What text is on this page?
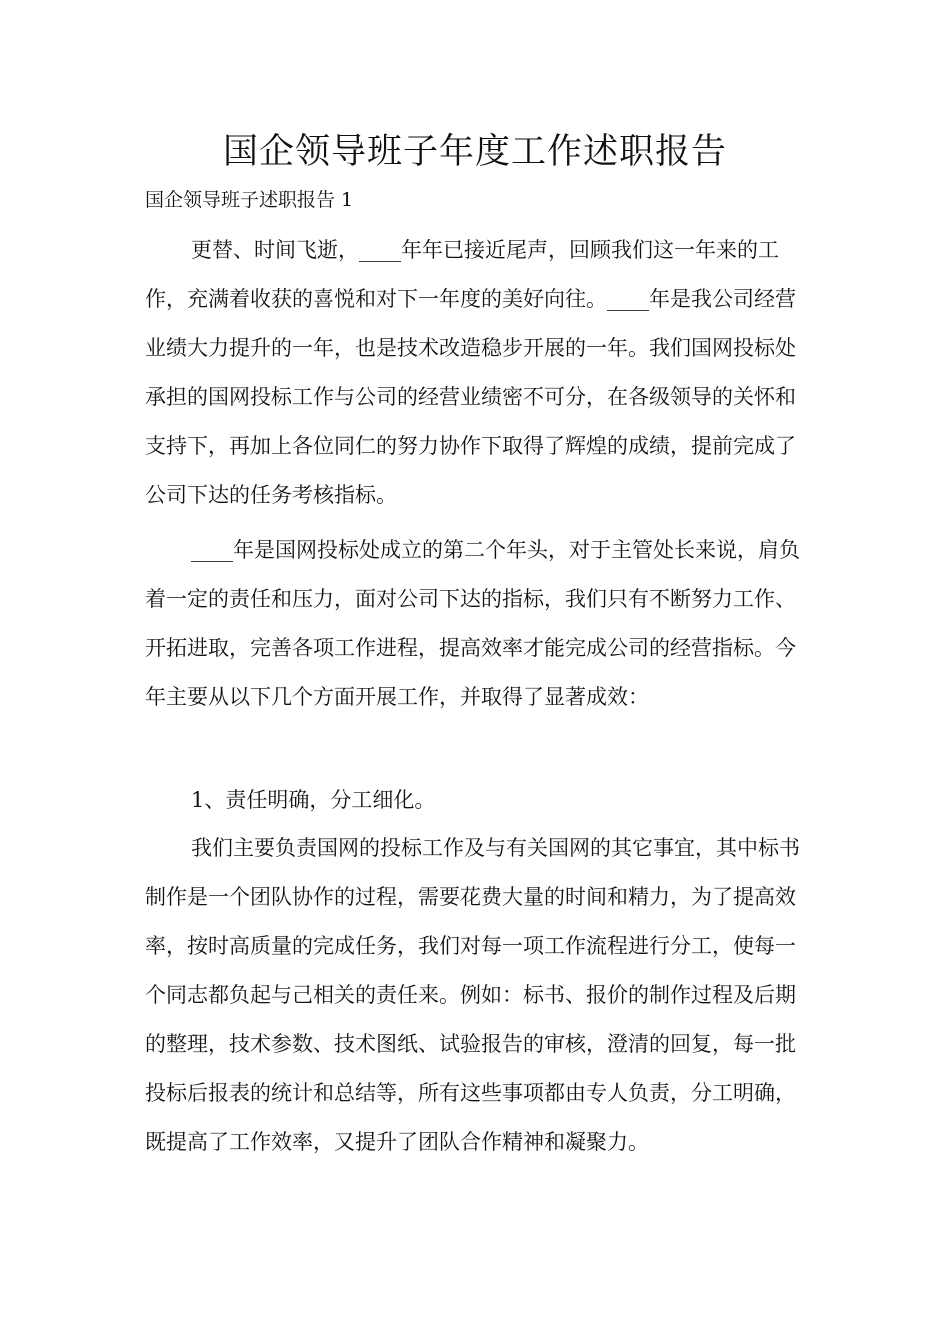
国企领导班子年度工作述职报告

国企领导班子述职报告 1

更替、时间飞逝，____年年已接近尾声，回顾我们这一年来的工作，充满着收获的喜悦和对下一年度的美好向往。____年是我公司经营业绩大力提升的一年，也是技术改造稳步开展的一年。我们国网投标处承担的国网投标工作与公司的经营业绩密不可分，在各级领导的关怀和支持下，再加上各位同仁的努力协作下取得了辉煌的成绩，提前完成了公司下达的任务考核指标。

____年是国网投标处成立的第二个年头，对于主管处长来说，肩负着一定的责任和压力，面对公司下达的指标，我们只有不断努力工作、开拓进取，完善各项工作进程，提高效率才能完成公司的经营指标。今年主要从以下几个方面开展工作，并取得了显著成效：

1、责任明确，分工细化。

我们主要负责国网的投标工作及与有关国网的其它事宜，其中标书制作是一个团队协作的过程，需要花费大量的时间和精力，为了提高效率，按时高质量的完成任务，我们对每一项工作流程进行分工，使每一个同志都负起与己相关的责任来。例如：标书、报价的制作过程及后期的整理，技术参数、技术图纸、试验报告的审核，澄清的回复，每一批投标后报表的统计和总结等，所有这些事项都由专人负责，分工明确，既提高了工作效率，又提升了团队合作精神和凝聚力。
